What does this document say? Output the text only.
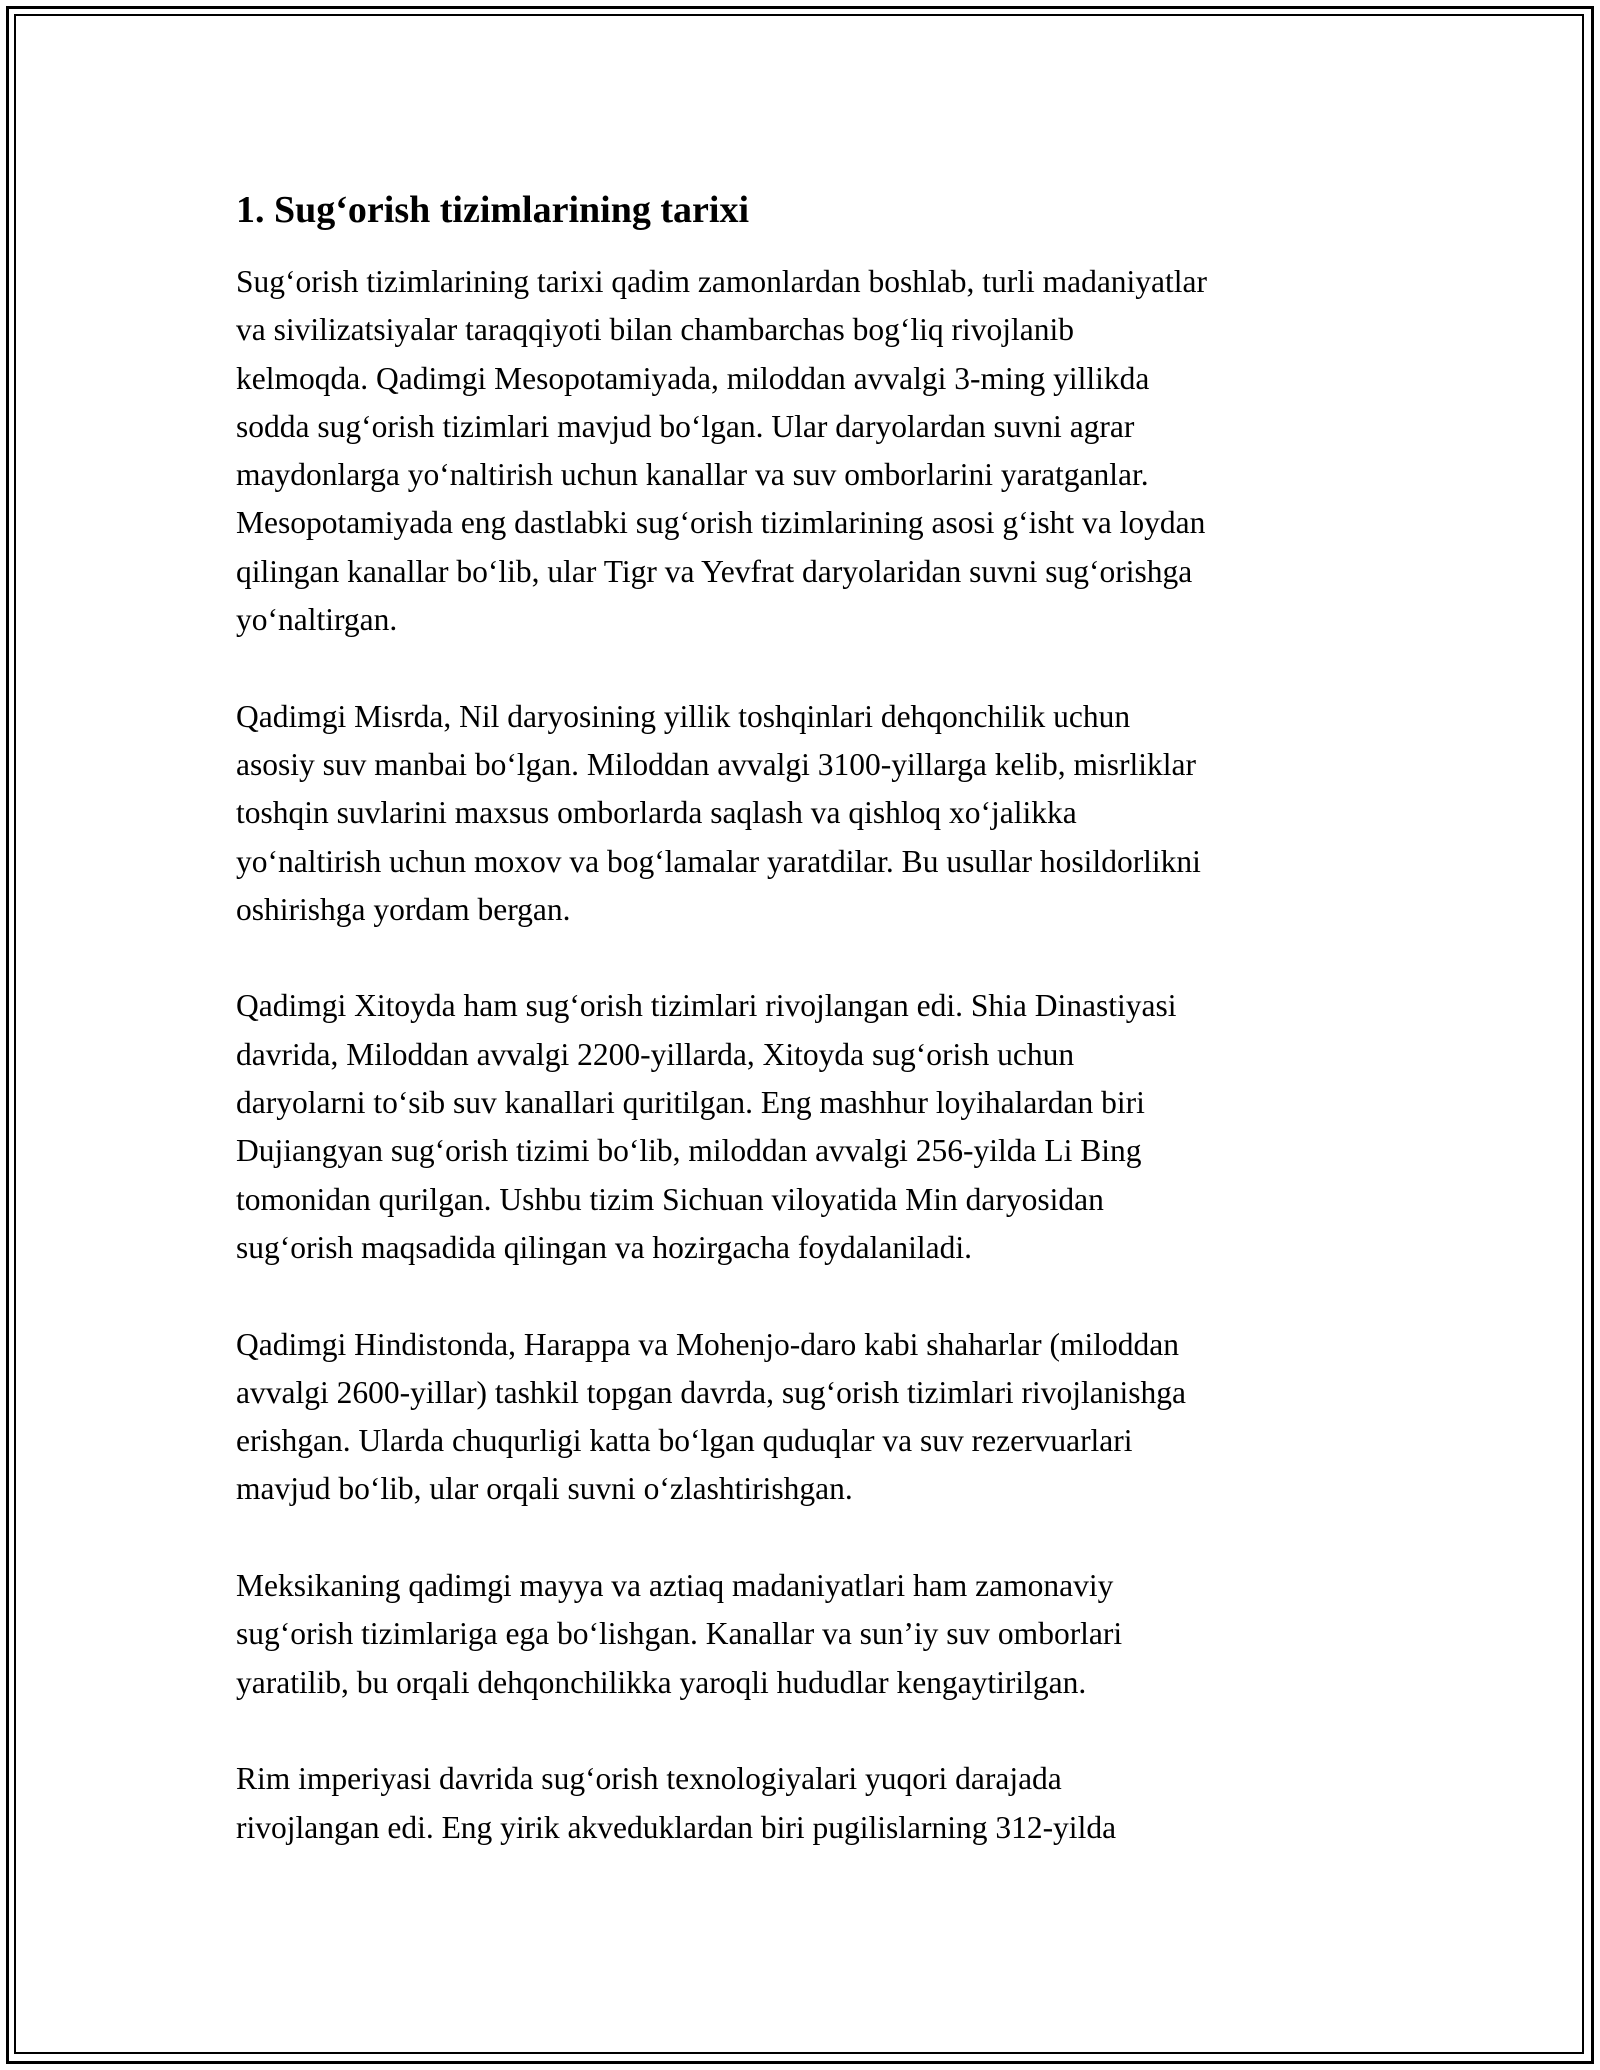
1. Sug‘orish tizimlarining tarixi

Sug‘orish tizimlarining tarixi qadim zamonlardan boshlab, turli madaniyatlar
va sivilizatsiyalar taraqqiyoti bilan chambarchas bog‘liq rivojlanib
kelmoqda. Qadimgi Mesopotamiyada, miloddan avvalgi 3-ming yillikda
sodda sug‘orish tizimlari mavjud bo‘lgan. Ular daryolardan suvni agrar
maydonlarga yo‘naltirish uchun kanallar va suv omborlarini yaratganlar.
Mesopotamiyada eng dastlabki sug‘orish tizimlarining asosi g‘isht va loydan
qilingan kanallar bo‘lib, ular Tigr va Yevfrat daryolaridan suvni sug‘orishga
yo‘naltirgan.

Qadimgi Misrda, Nil daryosining yillik toshqinlari dehqonchilik uchun
asosiy suv manbai bo‘lgan. Miloddan avvalgi 3100-yillarga kelib, misrliklar
toshqin suvlarini maxsus omborlarda saqlash va qishloq xo‘jalikka
yo‘naltirish uchun moxov va bog‘lamalar yaratdilar. Bu usullar hosildorlikni
oshirishga yordam bergan.

Qadimgi Xitoyda ham sug‘orish tizimlari rivojlangan edi. Shia Dinastiyasi
davrida, Miloddan avvalgi 2200-yillarda, Xitoyda sug‘orish uchun
daryolarni to‘sib suv kanallari quritilgan. Eng mashhur loyihalardan biri
Dujiangyan sug‘orish tizimi bo‘lib, miloddan avvalgi 256-yilda Li Bing
tomonidan qurilgan. Ushbu tizim Sichuan viloyatida Min daryosidan
sug‘orish maqsadida qilingan va hozirgacha foydalaniladi.

Qadimgi Hindistonda, Harappa va Mohenjo-daro kabi shaharlar (miloddan
avvalgi 2600-yillar) tashkil topgan davrda, sug‘orish tizimlari rivojlanishga
erishgan. Ularda chuqurligi katta bo‘lgan quduqlar va suv rezervuarlari
mavjud bo‘lib, ular orqali suvni o‘zlashtirishgan.

Meksikaning qadimgi mayya va aztiaq madaniyatlari ham zamonaviy
sug‘orish tizimlariga ega bo‘lishgan. Kanallar va sun’iy suv omborlari
yaratilib, bu orqali dehqonchilikka yaroqli hududlar kengaytirilgan.

Rim imperiyasi davrida sug‘orish texnologiyalari yuqori darajada
rivojlangan edi. Eng yirik akveduklardan biri pugilislarning 312-yilda
